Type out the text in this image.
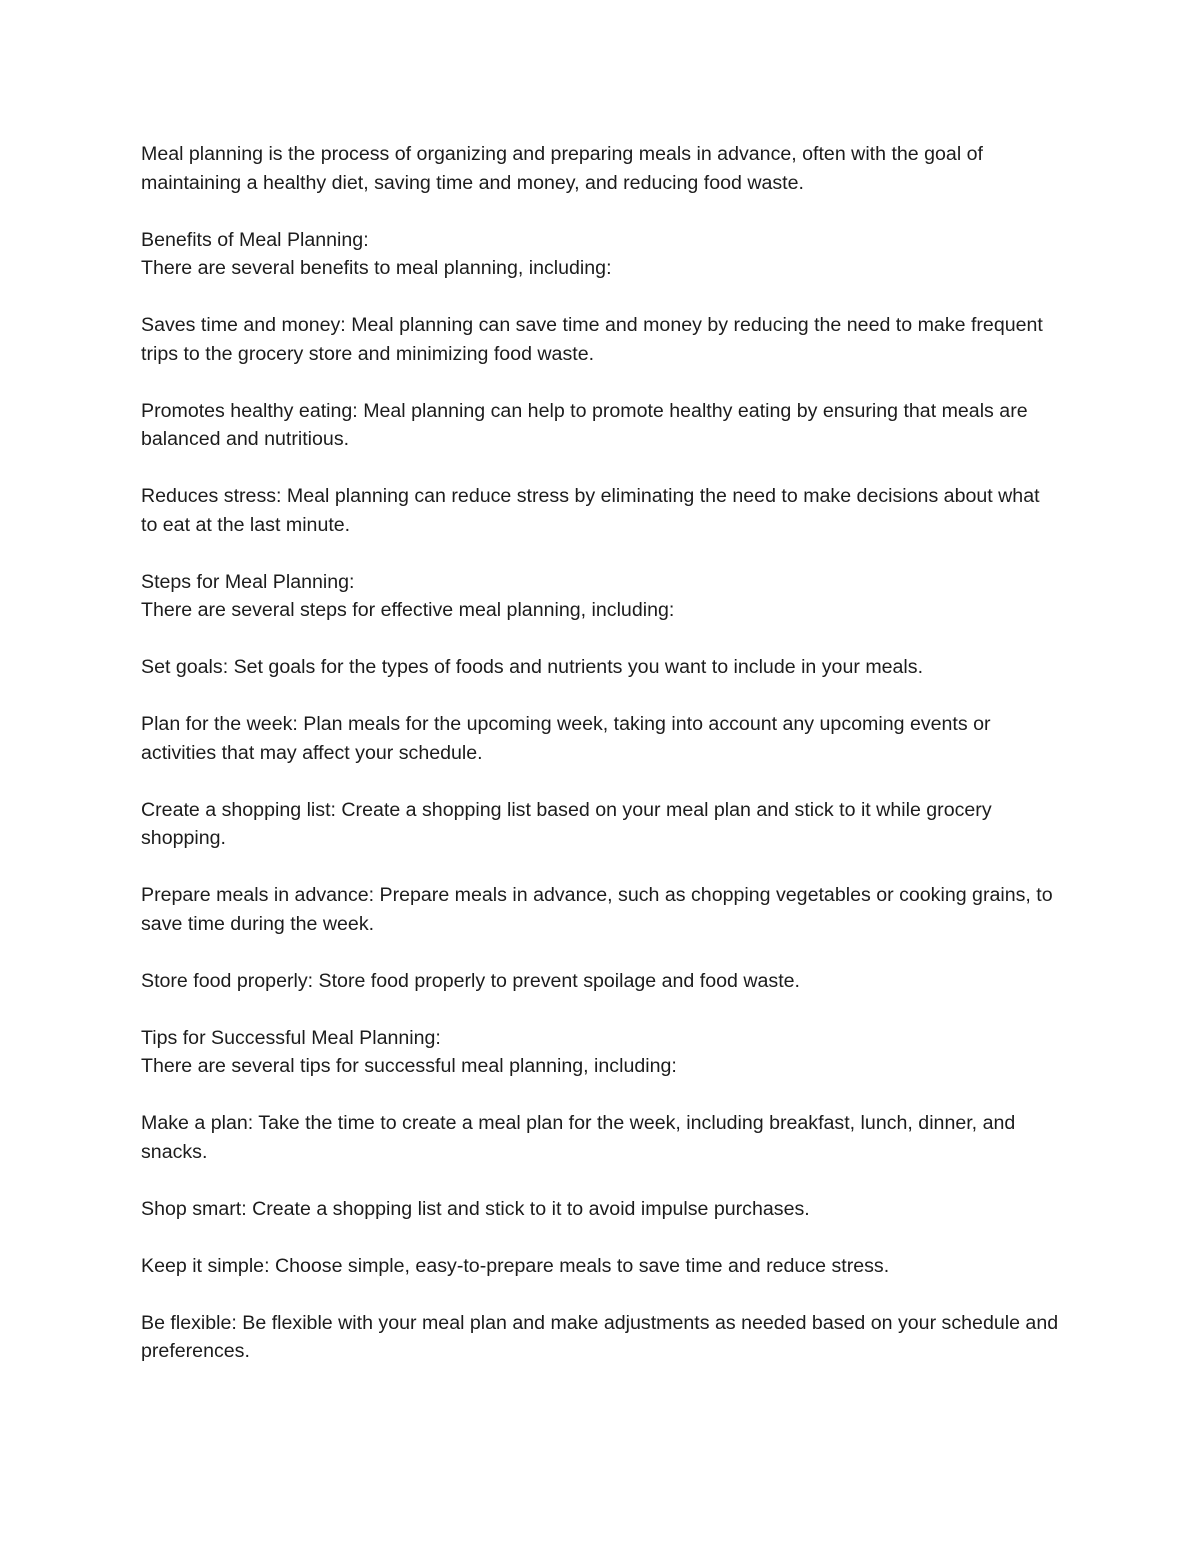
Meal planning is the process of organizing and preparing meals in advance, often with the goal of maintaining a healthy diet, saving time and money, and reducing food waste.

Benefits of Meal Planning:

There are several benefits to meal planning, including:

Saves time and money: Meal planning can save time and money by reducing the need to make frequent trips to the grocery store and minimizing food waste.

Promotes healthy eating: Meal planning can help to promote healthy eating by ensuring that meals are balanced and nutritious.

Reduces stress: Meal planning can reduce stress by eliminating the need to make decisions about what to eat at the last minute.

Steps for Meal Planning:

There are several steps for effective meal planning, including:

Set goals: Set goals for the types of foods and nutrients you want to include in your meals.

Plan for the week: Plan meals for the upcoming week, taking into account any upcoming events or activities that may affect your schedule.

Create a shopping list: Create a shopping list based on your meal plan and stick to it while grocery shopping.

Prepare meals in advance: Prepare meals in advance, such as chopping vegetables or cooking grains, to save time during the week.

Store food properly: Store food properly to prevent spoilage and food waste.

Tips for Successful Meal Planning:

There are several tips for successful meal planning, including:

Make a plan: Take the time to create a meal plan for the week, including breakfast, lunch, dinner, and snacks.

Shop smart: Create a shopping list and stick to it to avoid impulse purchases.

Keep it simple: Choose simple, easy-to-prepare meals to save time and reduce stress.

Be flexible: Be flexible with your meal plan and make adjustments as needed based on your schedule and preferences.
